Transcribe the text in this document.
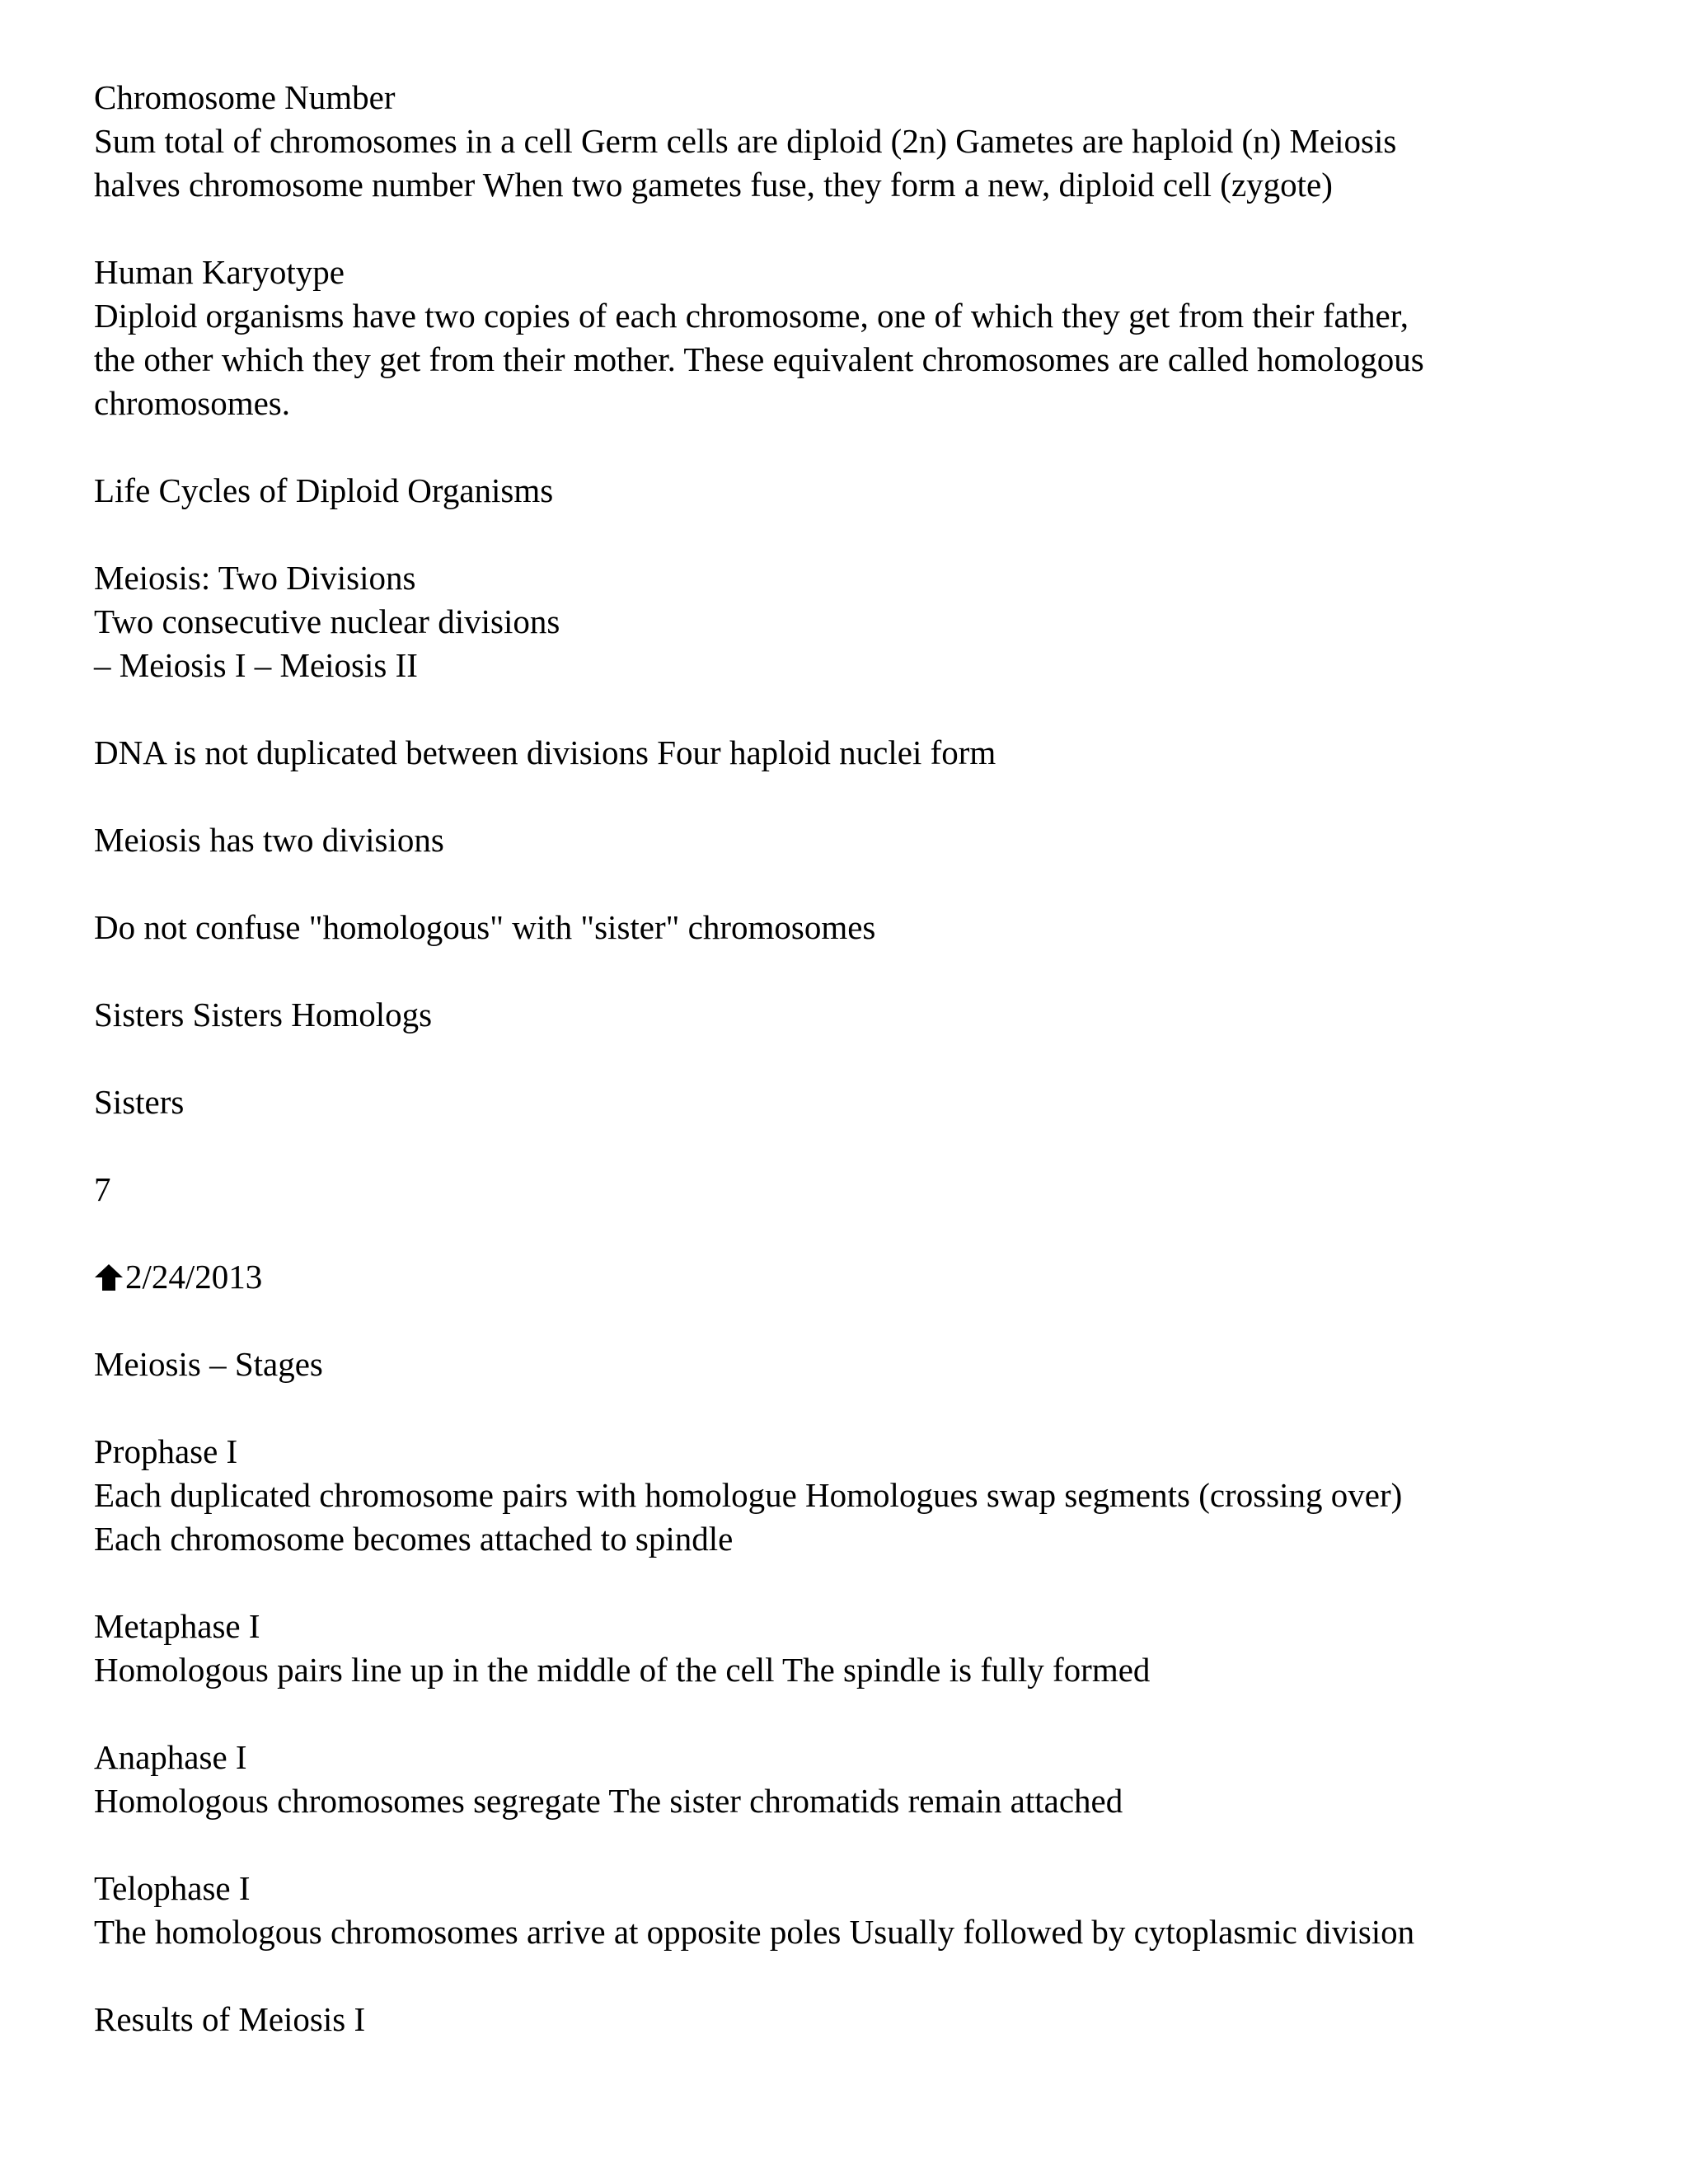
Chromosome Number
Sum total of chromosomes in a cell Germ cells are diploid (2n) Gametes are haploid (n) Meiosis
halves chromosome number When two gametes fuse, they form a new, diploid cell (zygote)
Human Karyotype
Diploid organisms have two copies of each chromosome, one of which they get from their father,
the other which they get from their mother. These equivalent chromosomes are called homologous
chromosomes.
Life Cycles of Diploid Organisms
Meiosis: Two Divisions
Two consecutive nuclear divisions
– Meiosis I – Meiosis II
DNA is not duplicated between divisions Four haploid nuclei form
Meiosis has two divisions
Do not confuse "homologous" with "sister" chromosomes
Sisters Sisters Homologs
Sisters
7
2/24/2013
Meiosis – Stages
Prophase I
Each duplicated chromosome pairs with homologue Homologues swap segments (crossing over)
Each chromosome becomes attached to spindle
Metaphase I
Homologous pairs line up in the middle of the cell The spindle is fully formed
Anaphase I
Homologous chromosomes segregate The sister chromatids remain attached
Telophase I
The homologous chromosomes arrive at opposite poles Usually followed by cytoplasmic division
Results of Meiosis I
